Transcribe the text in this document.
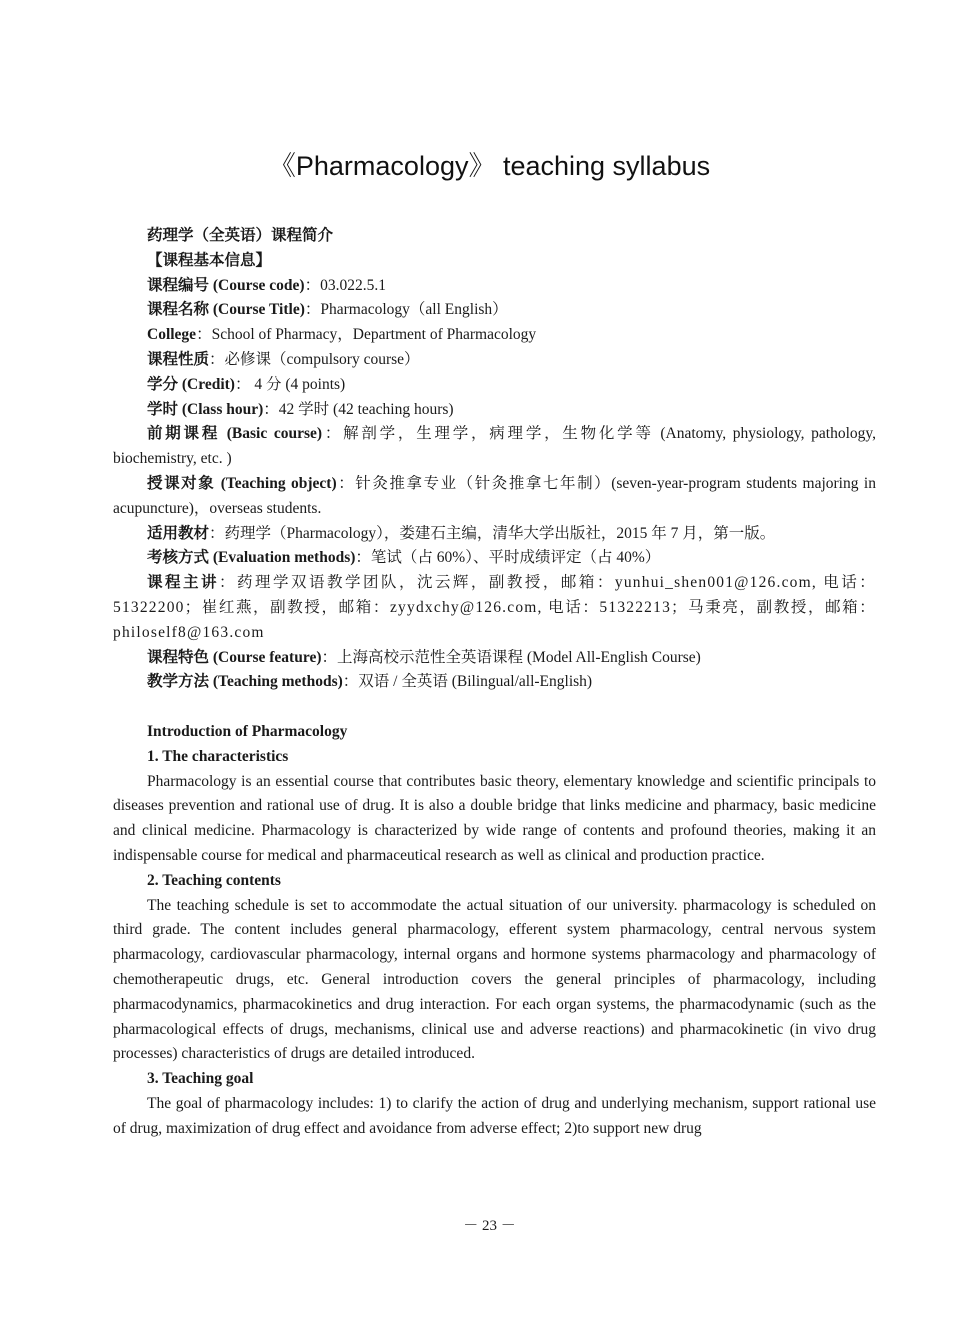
《Pharmacology》 teaching syllabus

药理学（全英语）课程简介

【课程基本信息】

课程编号 (Course code)：03.022.5.1

课程名称 (Course Title)：Pharmacology（all English）

College：School of Pharmacy，Department of Pharmacology

课程性质：必修课（compulsory course）

学分 (Credit)： 4 分 (4 points)

学时 (Class hour)：42 学时 (42 teaching hours)

前期课程 (Basic course)：解剖学，生理学，病理学，生物化学等 (Anatomy, physiology, pathology, biochemistry, etc. )

授课对象 (Teaching object)：针灸推拿专业（针灸推拿七年制）(seven-year-program students majoring in acupuncture)，overseas students.

适用教材：药理学（Pharmacology），娄建石主编，清华大学出版社，2015 年 7 月，第一版。

考核方式 (Evaluation methods)：笔试（占 60%）、平时成绩评定（占 40%）

课程主讲：药理学双语教学团队，沈云辉，副教授，邮箱：yunhui_shen001@126.com, 电话：51322200；崔红燕，副教授，邮箱：zyydxchy@126.com, 电话：51322213；马秉亮，副教授，邮箱：philoself8@163.com

课程特色 (Course feature)：上海高校示范性全英语课程 (Model All-English Course)

教学方法 (Teaching methods)：双语 / 全英语 (Bilingual/all-English)

Introduction of Pharmacology

1. The characteristics

Pharmacology is an essential course that contributes basic theory, elementary knowledge and scientific principals to diseases prevention and rational use of drug. It is also a double bridge that links medicine and pharmacy, basic medicine and clinical medicine. Pharmacology is characterized by wide range of contents and profound theories, making it an indispensable course for medical and pharmaceutical research as well as clinical and production practice.

2. Teaching contents

The teaching schedule is set to accommodate the actual situation of our university. pharmacology is scheduled on third grade. The content includes general pharmacology, efferent system pharmacology, central nervous system pharmacology, cardiovascular pharmacology, internal organs and hormone systems pharmacology and pharmacology of chemotherapeutic drugs, etc. General introduction covers the general principles of pharmacology, including pharmacodynamics, pharmacokinetics and drug interaction. For each organ systems, the pharmacodynamic (such as the pharmacological effects of drugs, mechanisms, clinical use and adverse reactions) and pharmacokinetic (in vivo drug processes) characteristics of drugs are detailed introduced.

3. Teaching goal

The goal of pharmacology includes: 1) to clarify the action of drug and underlying mechanism, support rational use of drug, maximization of drug effect and avoidance from adverse effect; 2)to support new drug

－ 23 －
